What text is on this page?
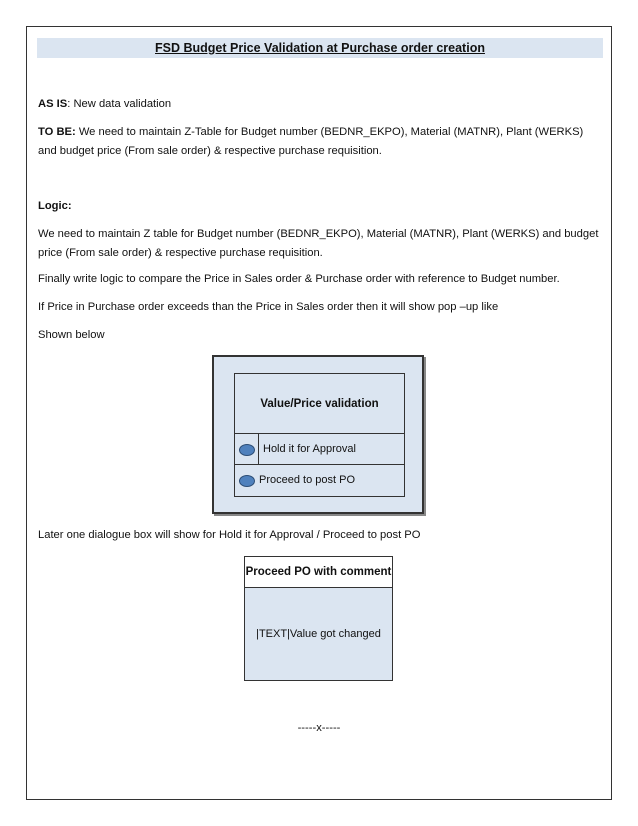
FSD Budget Price Validation at Purchase order creation
AS IS: New data validation
TO BE: We need to maintain Z-Table for Budget number (BEDNR_EKPO), Material (MATNR), Plant (WERKS) and budget price (From sale order) & respective purchase requisition.
Logic:
We need to maintain Z table for Budget number (BEDNR_EKPO), Material (MATNR), Plant (WERKS) and budget price (From sale order) & respective purchase requisition.
Finally write logic to compare the Price in Sales order & Purchase order with reference to Budget number.
If Price in Purchase order exceeds than the Price in Sales order then it will show pop –up like
Shown below
Value/Price validation
Hold it for Approval
Proceed to post PO
Later one dialogue box will show for Hold it for Approval / Proceed to post PO
Proceed PO with comment
|TEXT|Value got changed
-----x-----
